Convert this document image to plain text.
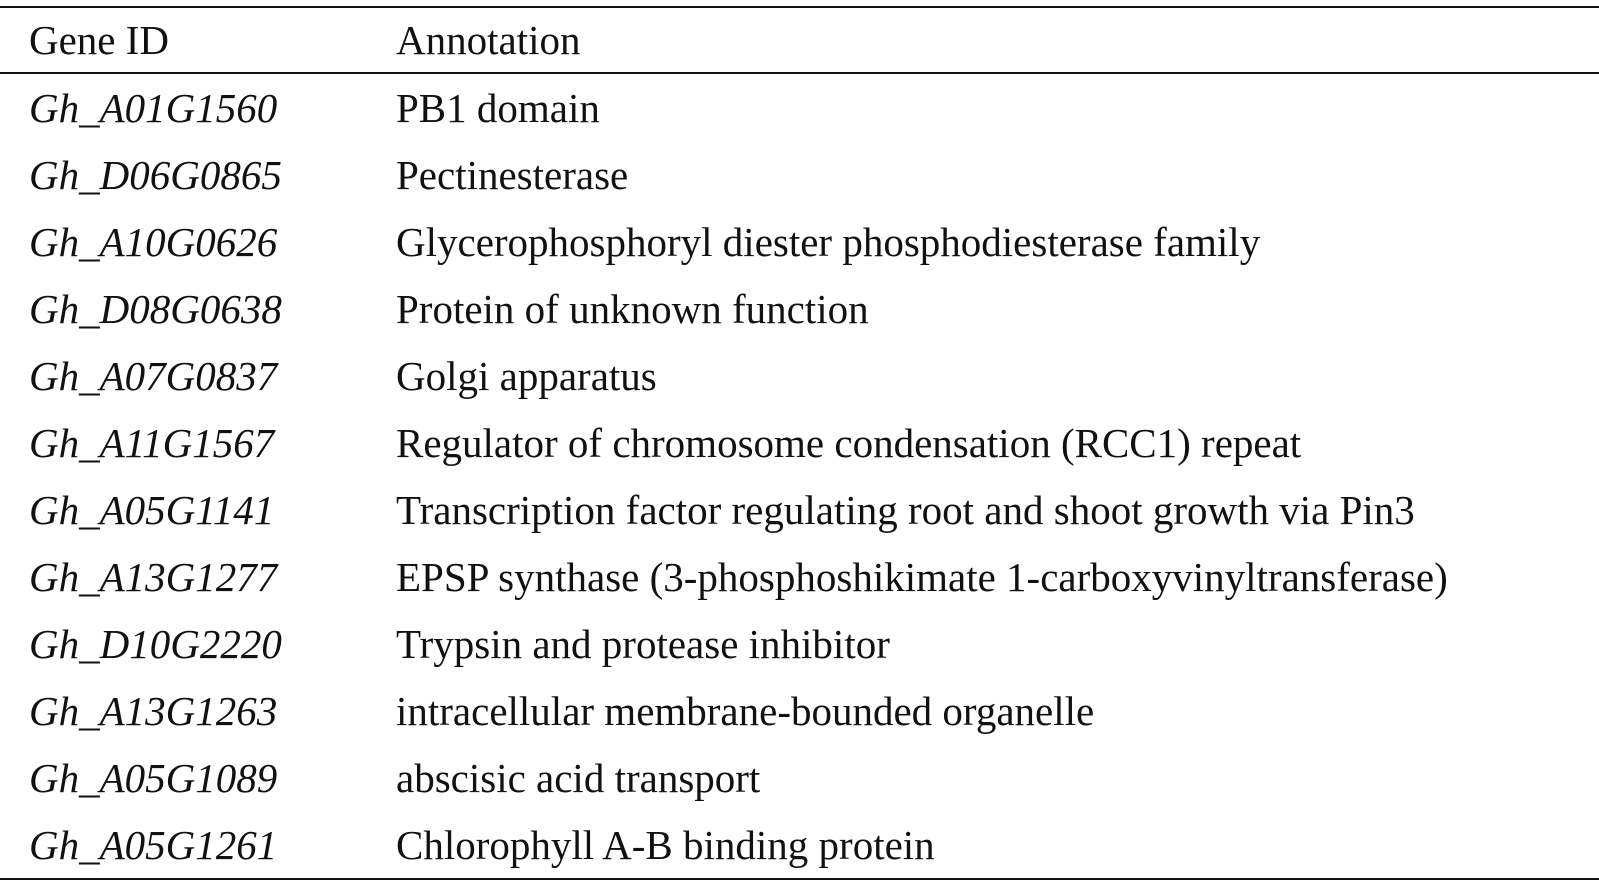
Gene ID	Annotation
Gh_A01G1560	PB1 domain
Gh_D06G0865	Pectinesterase
Gh_A10G0626	Glycerophosphoryl diester phosphodiesterase family
Gh_D08G0638	Protein of unknown function
Gh_A07G0837	Golgi apparatus
Gh_A11G1567	Regulator of chromosome condensation (RCC1) repeat
Gh_A05G1141	Transcription factor regulating root and shoot growth via Pin3
Gh_A13G1277	EPSP synthase (3-phosphoshikimate 1-carboxyvinyltransferase)
Gh_D10G2220	Trypsin and protease inhibitor
Gh_A13G1263	intracellular membrane-bounded organelle
Gh_A05G1089	abscisic acid transport
Gh_A05G1261	Chlorophyll A-B binding protein
